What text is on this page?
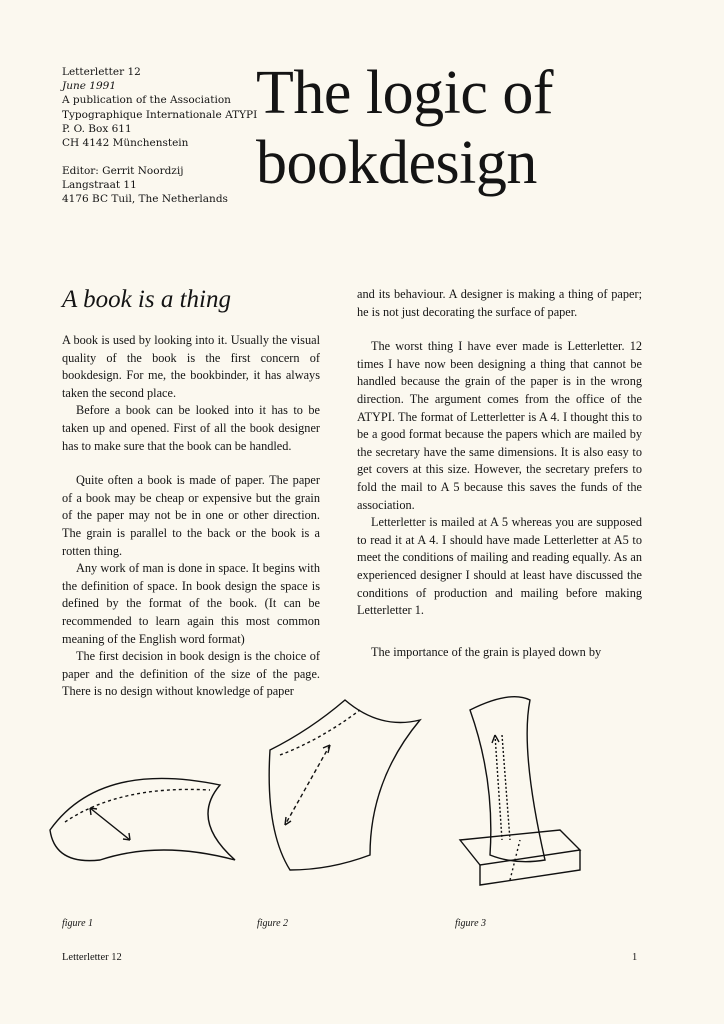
Letterletter 12
June 1991
A publication of the Association
Typographique Internationale ATYPI
P. O. Box 611
CH 4142 Münchenstein
Editor: Gerrit Noordzij
Langstraat 11
4176 BC Tuil, The Netherlands
The logic of
bookdesign
A book is a thing

A book is used by looking into it. Usually the visual quality of the book is the first concern of bookdesign. For me, the bookbinder, it has always taken the second place.

Before a book can be looked into it has to be taken up and opened. First of all the book designer has to make sure that the book can be handled.

Quite often a book is made of paper. The paper of a book may be cheap or expensive but the grain of the paper may not be in one or other direction. The grain is parallel to the back or the book is a rotten thing.

Any work of man is done in space. It begins with the definition of space. In book design the space is defined by the format of the book. (It can be recommended to learn again this most common meaning of the English word format)

The first decision in book design is the choice of paper and the definition of the size of the page. There is no design without knowledge of paper

and its behaviour. A designer is making a thing of paper; he is not just decorating the surface of paper.

The worst thing I have ever made is Letterletter. 12 times I have now been designing a thing that cannot be handled because the grain of the paper is in the wrong direction. The argument comes from the office of the ATYPI. The format of Letterletter is A 4. I thought this to be a good format because the papers which are mailed by the secretary have the same dimensions. It is also easy to get covers at this size. However, the secretary prefers to fold the mail to A 5 because this saves the funds of the association.

Letterletter is mailed at A 5 whereas you are supposed to read it at A 4. I should have made Letterletter at A5 to meet the conditions of mailing and reading equally. As an experienced designer I should at least have discussed the conditions of production and mailing before making Letterletter 1.

The importance of the grain is played down by

figure 1	figure 2	figure 3
Letterletter 12	1
